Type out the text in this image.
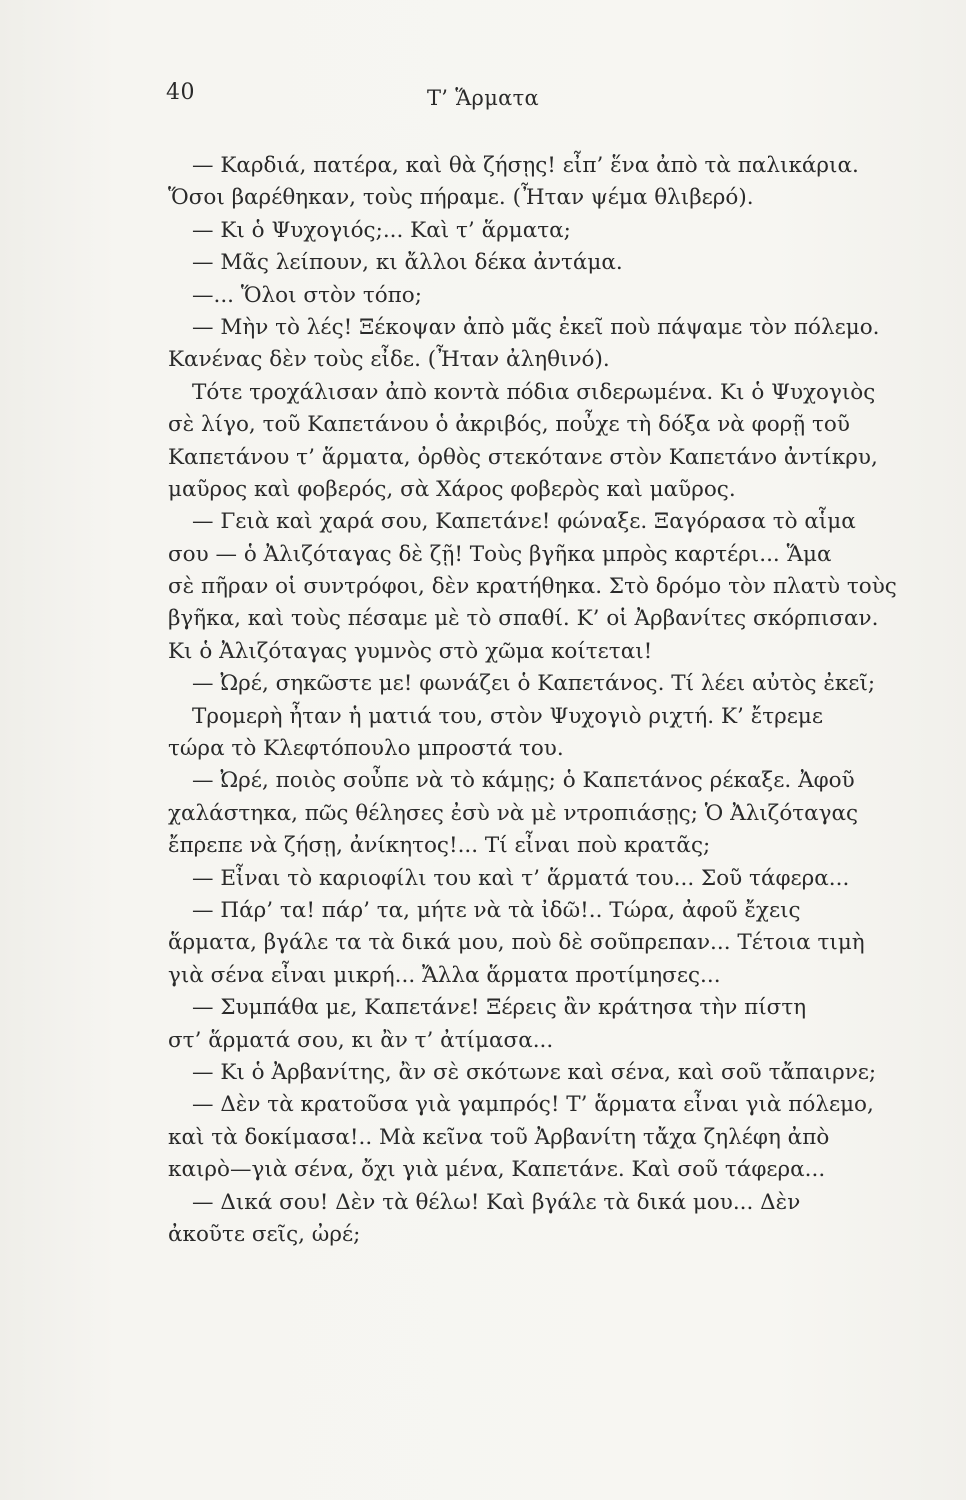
40	Τ’ Ἅρματα
— Καρδιά, πατέρα, καὶ θὰ ζήσῃς! εἶπ’ ἕνα ἀπὸ τὰ παλικάρια.
Ὅσοι βαρέθηκαν, τοὺς πήραμε. (Ἦταν ψέμα θλιβερό).
— Κι ὁ Ψυχογιός;... Καὶ τ’ ἅρματα;
— Μᾶς λείπουν, κι ἄλλοι δέκα ἀντάμα.
—... Ὅλοι στὸν τόπο;
— Μὴν τὸ λές! Ξέκοψαν ἀπὸ μᾶς ἐκεῖ ποὺ πάψαμε τὸν πόλεμο.
Κανένας δὲν τοὺς εἶδε. (Ἦταν ἀληθινό).
Τότε τροχάλισαν ἀπὸ κοντὰ πόδια σιδερωμένα. Κι ὁ Ψυχογιὸς
σὲ λίγο, τοῦ Καπετάνου ὁ ἀκριβός, ποὖχε τὴ δόξα νὰ φορῇ τοῦ
Καπετάνου τ’ ἅρματα, ὀρθὸς στεκότανε στὸν Καπετάνο ἀντίκρυ,
μαῦρος καὶ φοβερός, σὰ Χάρος φοβερὸς καὶ μαῦρος.
— Γειὰ καὶ χαρά σου, Καπετάνε! φώναξε. Ξαγόρασα τὸ αἷμα
σου — ὁ Ἀλιζόταγας δὲ ζῇ! Τοὺς βγῆκα μπρὸς καρτέρι... Ἅμα
σὲ πῆραν οἱ συντρόφοι, δὲν κρατήθηκα. Στὸ δρόμο τὸν πλατὺ τοὺς
βγῆκα, καὶ τοὺς πέσαμε μὲ τὸ σπαθί. Κ’ οἱ Ἀρβανίτες σκόρπισαν.
Κι ὁ Ἀλιζόταγας γυμνὸς στὸ χῶμα κοίτεται!
— Ὠρέ, σηκῶστε με! φωνάζει ὁ Καπετάνος. Τί λέει αὐτὸς ἐκεῖ;
Τρομερὴ ἦταν ἡ ματιά του, στὸν Ψυχογιὸ ριχτή. Κ’ ἔτρεμε
τώρα τὸ Κλεφτόπουλο μπροστά του.
— Ὠρέ, ποιὸς σοὖπε νὰ τὸ κάμῃς; ὁ Καπετάνος ρέκαξε. Ἀφοῦ
χαλάστηκα, πῶς θέλησες ἐσὺ νὰ μὲ ντροπιάσῃς; Ὁ Ἀλιζόταγας
ἔπρεπε νὰ ζήσῃ, ἀνίκητος!... Τί εἶναι ποὺ κρατᾶς;
— Εἶναι τὸ καριοφίλι του καὶ τ’ ἅρματά του... Σοῦ τάφερα...
— Πάρ’ τα! πάρ’ τα, μήτε νὰ τὰ ἰδῶ!.. Τώρα, ἀφοῦ ἔχεις
ἅρματα, βγάλε τα τὰ δικά μου, ποὺ δὲ σοῦπρεπαν... Τέτοια τιμὴ
γιὰ σένα εἶναι μικρή... Ἄλλα ἅρματα προτίμησες...
— Συμπάθα με, Καπετάνε! Ξέρεις ἂν κράτησα τὴν πίστη
στ’ ἅρματά σου, κι ἂν τ’ ἀτίμασα...
— Κι ὁ Ἀρβανίτης, ἂν σὲ σκότωνε καὶ σένα, καὶ σοῦ τἄπαιρνε;
— Δὲν τὰ κρατοῦσα γιὰ γαμπρός! Τ’ ἅρματα εἶναι γιὰ πόλεμο,
καὶ τὰ δοκίμασα!.. Μὰ κεῖνα τοῦ Ἀρβανίτη τἄχα ζηλέφη ἀπὸ
καιρὸ—γιὰ σένα, ὄχι γιὰ μένα, Καπετάνε. Καὶ σοῦ τάφερα...
— Δικά σου! Δὲν τὰ θέλω! Καὶ βγάλε τὰ δικά μου... Δὲν
ἀκοῦτε σεῖς, ὠρέ;
